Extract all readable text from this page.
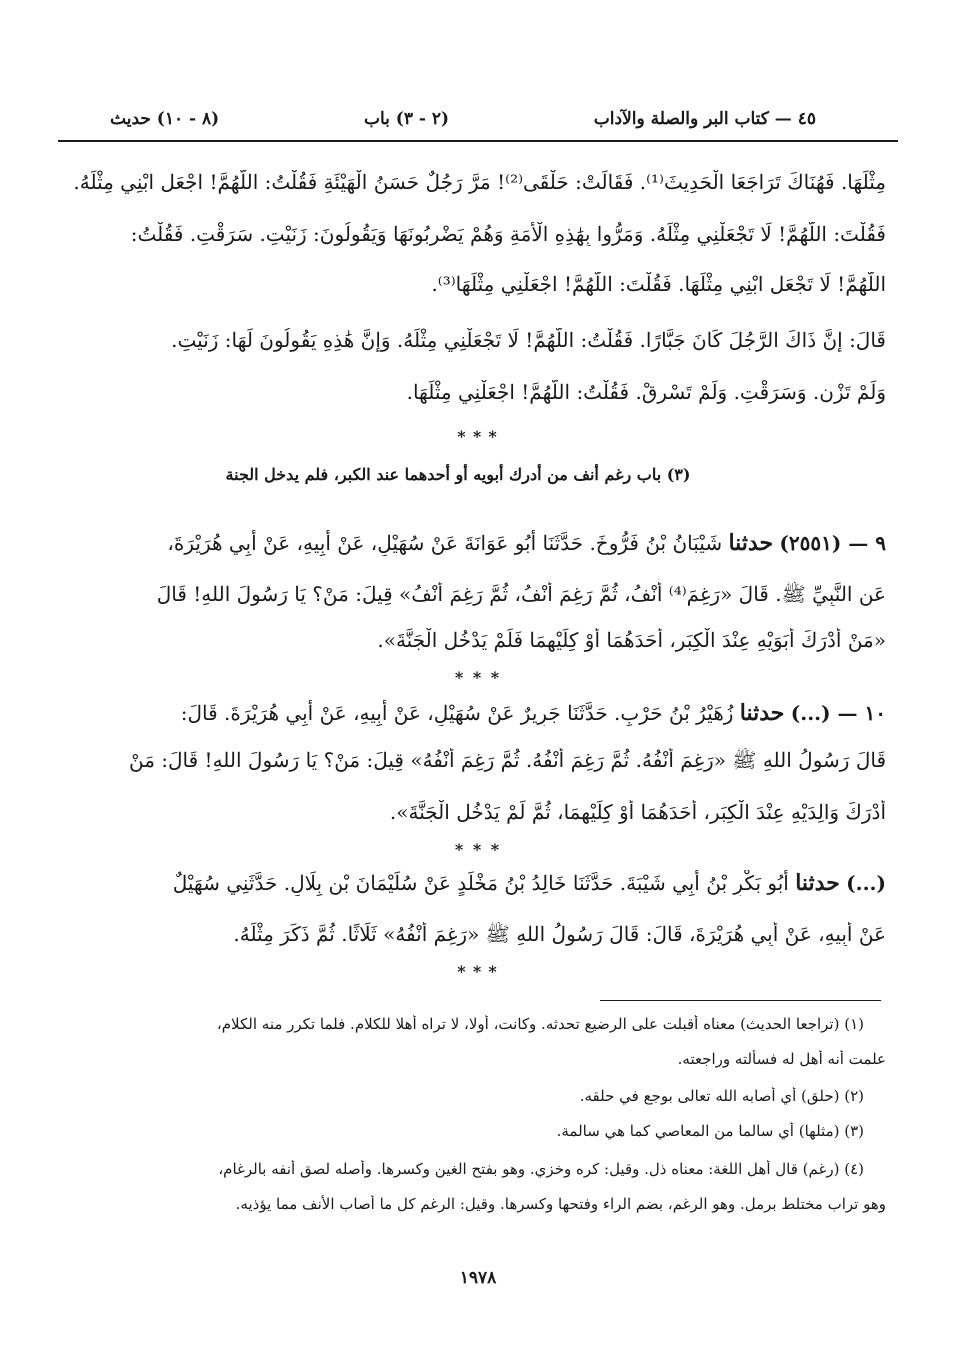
٤٥ — كتاب البر والصلة والآداب
(٢ - ٣) باب
(٨ - ١٠) حديث
مِثْلَهَا. فَهُنَاكَ تَرَاجَعَا الْحَدِيثَ⁽¹⁾. فَقَالَتْ: حَلْقَى⁽²⁾! مَرَّ رَجُلٌ حَسَنُ الْهَيْئَةِ فَقُلْتُ: اللَّهُمَّ! اجْعَلِ ابْنِي مِثْلَهُ.
فَقُلْتَ: اللَّهُمَّ! لَا تَجْعَلْنِي مِثْلَهُ. وَمَرُّوا بِهَٰذِهِ الْأَمَةِ وَهُمْ يَضْرِبُونَهَا وَيَقُولُونَ: زَنَيْتِ. سَرَقْتِ. فَقُلْتُ:
اللَّهُمَّ! لَا تَجْعَلِ ابْنِي مِثْلَهَا. فَقُلْتَ: اللَّهُمَّ! اجْعَلْنِي مِثْلَهَا⁽³⁾.
قَالَ: إِنَّ ذَاكَ الرَّجُلَ كَانَ جَبَّارًا. فَقُلْتُ: اللَّهُمَّ! لَا تَجْعَلْنِي مِثْلَهُ. وَإِنَّ هَٰذِهِ يَقُولُونَ لَهَا: زَنَيْتِ.
وَلَمْ تَزْنِ. وَسَرَقْتِ. وَلَمْ تَسْرِقْ. فَقُلْتُ: اللَّهُمَّ! اجْعَلْنِي مِثْلَهَا.
* * *
(٣) باب رغم أنف من أدرك أبويه أو أحدهما عند الكبر، فلم يدخل الجنة
٩ — (٢٥٥١) حدثنا شَيْبَانُ بْنُ فَرُّوخَ. حَدَّثَنَا أَبُو عَوَانَةَ عَنْ سُهَيْلٍ، عَنْ أَبِيهِ، عَنْ أَبِي هُرَيْرَةَ،
عَنِ النَّبِيِّ ﷺ. قَالَ «رَغِمَ⁽⁴⁾ أَنْفُ، ثُمَّ رَغِمَ أَنْفُ، ثُمَّ رَغِمَ أَنْفُ» قِيلَ: مَنْ؟ يَا رَسُولَ اللهِ! قَالَ
«مَنْ أَدْرَكَ أَبَوَيْهِ عِنْدَ الْكِبَرِ، أَحَدَهُمَا أَوْ كِلَيْهِمَا فَلَمْ يَدْخُلِ الْجَنَّةَ».
* * *
١٠ — (...) حدثنا زُهَيْرُ بْنُ حَرْبٍ. حَدَّثَنَا جَرِيرٌ عَنْ سُهَيْلٍ، عَنْ أَبِيهِ، عَنْ أَبِي هُرَيْرَةَ. قَالَ:
قَالَ رَسُولُ اللهِ ﷺ «رَغِمَ أَنْفُهُ. ثُمَّ رَغِمَ أَنْفُهُ. ثُمَّ رَغِمَ أَنْفُهُ» قِيلَ: مَنْ؟ يَا رَسُولَ اللهِ! قَالَ: مَنْ
أَدْرَكَ وَالِدَيْهِ عِنْدَ الْكِبَرِ، أَحَدَهُمَا أَوْ كِلَيْهِمَا، ثُمَّ لَمْ يَدْخُلِ الْجَنَّةَ».
* * *
(...) حدثنا أَبُو بَكْرِ بْنُ أَبِي شَيْبَةَ. حَدَّثَنَا خَالِدُ بْنُ مَخْلَدٍ عَنْ سُلَيْمَانَ بْنِ بِلَالٍ. حَدَّثَنِي سُهَيْلٌ
عَنْ أَبِيهِ، عَنْ أَبِي هُرَيْرَةَ، قَالَ: قَالَ رَسُولُ اللهِ ﷺ «رَغِمَ أَنْفُهُ» ثَلَاثًا. ثُمَّ ذَكَرَ مِثْلَهُ.
* * *
(١) (تراجعا الحديث) معناه أقبلت على الرضيع تحدثه. وكانت، أولا، لا تراه أهلا للكلام. فلما تكرر منه الكلام،
علمت أنه أهل له فسألته وراجعته.
(٢) (حلق) أي أصابه الله تعالى بوجع في حلقه.
(٣) (مثلها) أي سالما من المعاصي كما هي سالمة.
(٤) (رغم) قال أهل اللغة: معناه ذل. وقيل: كره وخزي. وهو بفتح الغين وكسرها. وأصله لصق أنفه بالرغام،
وهو تراب مختلط برمل. وهو الرغم، بضم الراء وفتحها وكسرها. وقيل: الرغم كل ما أصاب الأنف مما يؤذيه.
١٩٧٨
